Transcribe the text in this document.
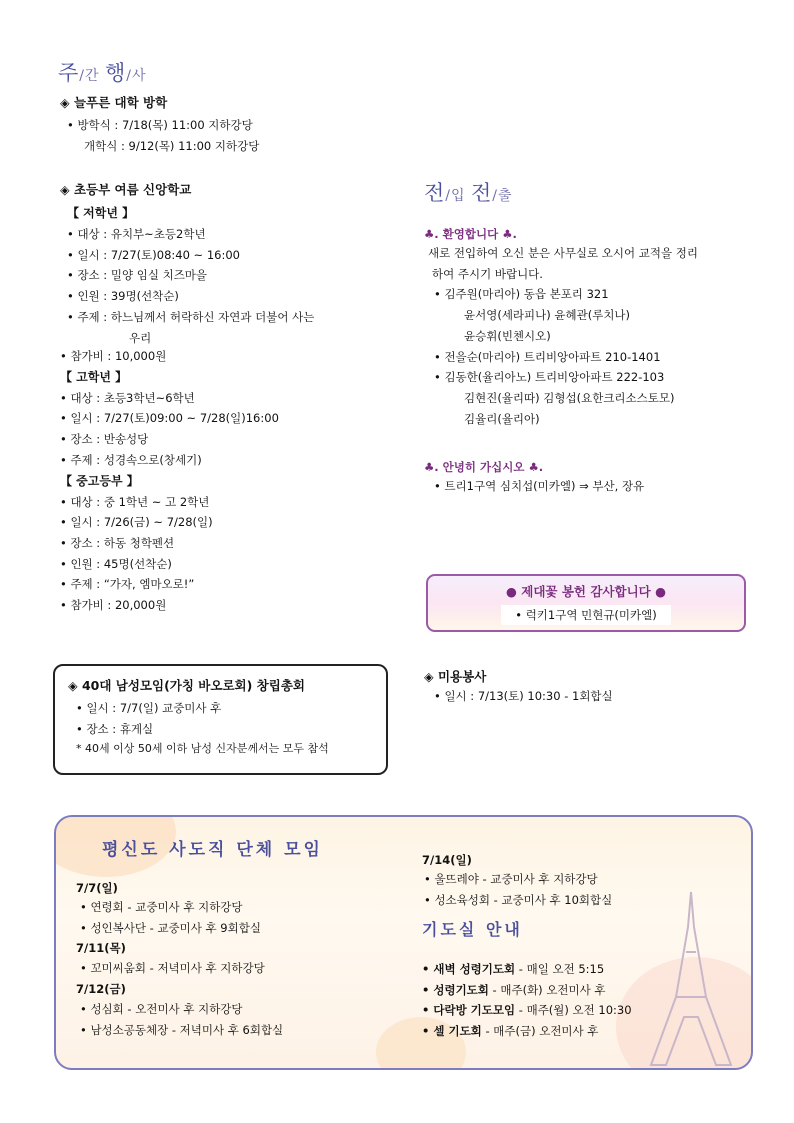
주/간 행/사
◈ 늘푸른 대학 방학
• 방학식 : 7/18(목) 11:00 지하강당
개학식 : 9/12(목) 11:00 지하강당
◈ 초등부 여름 신앙학교
【 저학년 】
• 대상 : 유치부~초등2학년
• 일시 : 7/27(토)08:40 ~ 16:00
• 장소 : 밀양 임실 치즈마을
• 인원 : 39명(선착순)
• 주제 : 하느님께서 허락하신 자연과 더불어 사는
우리
• 참가비 : 10,000원
【 고학년 】
• 대상 : 초등3학년~6학년
• 일시 : 7/27(토)09:00 ~ 7/28(일)16:00
• 장소 : 반송성당
• 주제 : 성경속으로(창세기)
【 중고등부 】
• 대상 : 중 1학년 ~ 고 2학년
• 일시 : 7/26(금) ~ 7/28(일)
• 장소 : 하동 청학펜션
• 인원 : 45명(선착순)
• 주제 : “가자, 엠마오로!”
• 참가비 : 20,000원
◈ 40대 남성모임(가칭 바오로회) 창립총회
• 일시 : 7/7(일) 교중미사 후
• 장소 : 휴게실
* 40세 이상 50세 이하 남성 신자분께서는 모두 참석
전/입 전/출
♣. 환영합니다 ♣.
새로 전입하여 오신 분은 사무실로 오시어 교적을 정리
하여 주시기 바랍니다.
• 김주원(마리아) 동읍 본포리 321
윤서영(세라피나) 윤혜관(루치나)
윤승휘(빈첸시오)
• 전을순(마리아) 트리비앙아파트 210-1401
• 김동한(율리아노) 트리비앙아파트 222-103
김현진(율리따) 김형섭(요한크리소스토모)
김율리(율리아)
♣. 안녕히 가십시오 ♣.
• 트리1구역 심치섭(미카엘) ⇒ 부산, 장유
● 제대꽃 봉헌 감사합니다 ●
• 럭키1구역 민현규(미카엘)
◈ 미용봉사
• 일시 : 7/13(토) 10:30 - 1회합실
평신도 사도직 단체 모임
7/7(일)
• 연령회 - 교중미사 후 지하강당
• 성인복사단 - 교중미사 후 9회합실
7/11(목)
• 꼬미씨움회 - 저녁미사 후 지하강당
7/12(금)
• 성심회 - 오전미사 후 지하강당
• 남성소공동체장 - 저녁미사 후 6회합실
7/14(일)
• 울뜨레야 - 교중미사 후 지하강당
• 성소육성회 - 교중미사 후 10회합실
기도실 안내
• 새벽 성령기도회 - 매일 오전 5:15
• 성령기도회 - 매주(화) 오전미사 후
• 다락방 기도모임 - 매주(월) 오전 10:30
• 셀 기도회 - 매주(금) 오전미사 후
